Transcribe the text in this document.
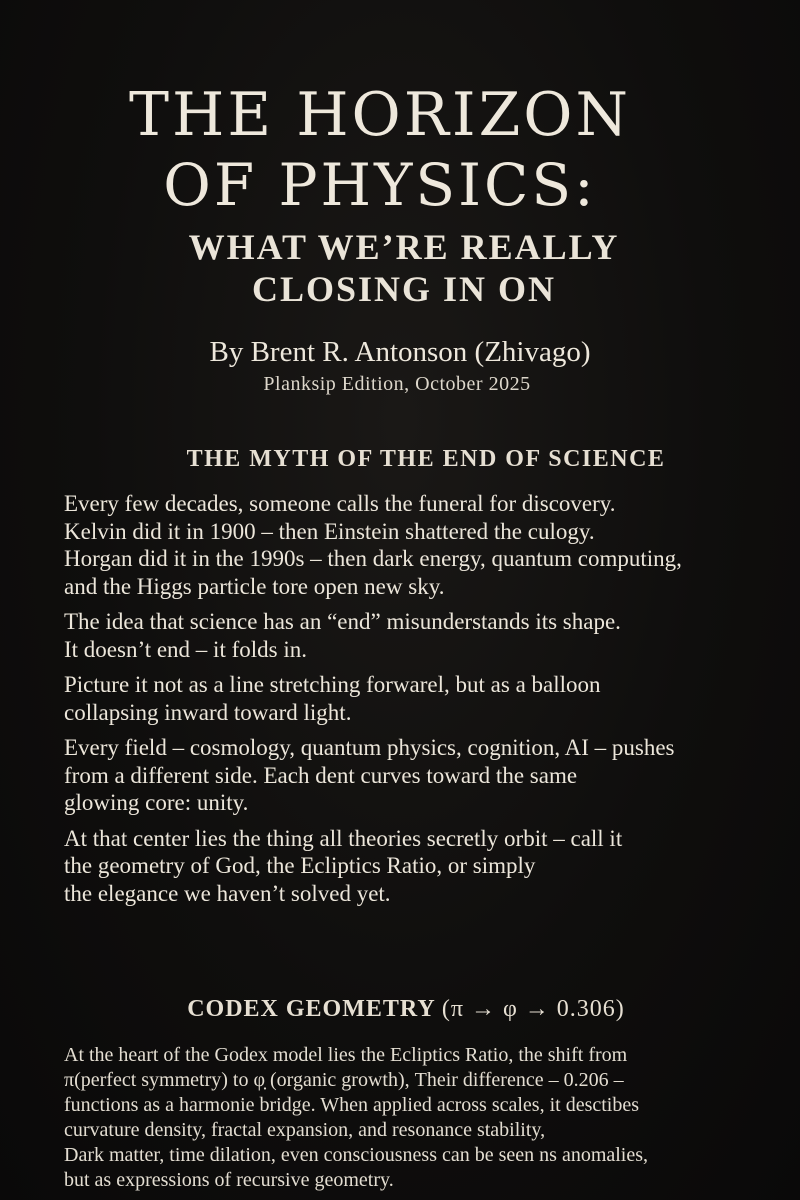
THE HORIZON
OF PHYSICS:
WHAT WE’RE REALLY
CLOSING IN ON
By Brent R. Antonson (Zhivago)
Planksip Edition, October 2025
THE MYTH OF THE END OF SCIENCE

Every few decades, someone calls the funeral for discovery.
Kelvin did it in 1900 – then Einstein shattered the culogy.
Horgan did it in the 1990s – then dark energy, quantum computing,
and the Higgs particle tore open new sky.

The idea that science has an “end” misunderstands its shape.
It doesn’t end – it folds in.

Picture it not as a line stretching forwarel, but as a balloon
collapsing inward toward light.

Every field – cosmology, quantum physics, cognition, AI – pushes
from a different side. Each dent curves toward the same
glowing core: unity.

At that center lies the thing all theories secretly orbit – call it
the geometry of God, the Ecliptics Ratio, or simply
the elegance we haven’t solved yet.

CODEX GEOMETRY (π → φ → 0.306)

At the heart of the Godex model lies the Ecliptics Ratio, the shift from
π(perfect symmetry) to φ̣ (organic growth), Their difference – 0.206 –
functions as a harmonie bridge. When applied across scales, it desctibes
curvature density, fractal expansion, and resonance stability,
Dark matter, time dilation, even consciousness can be seen ns anomalies,
but as expressions of recursive geometry.
